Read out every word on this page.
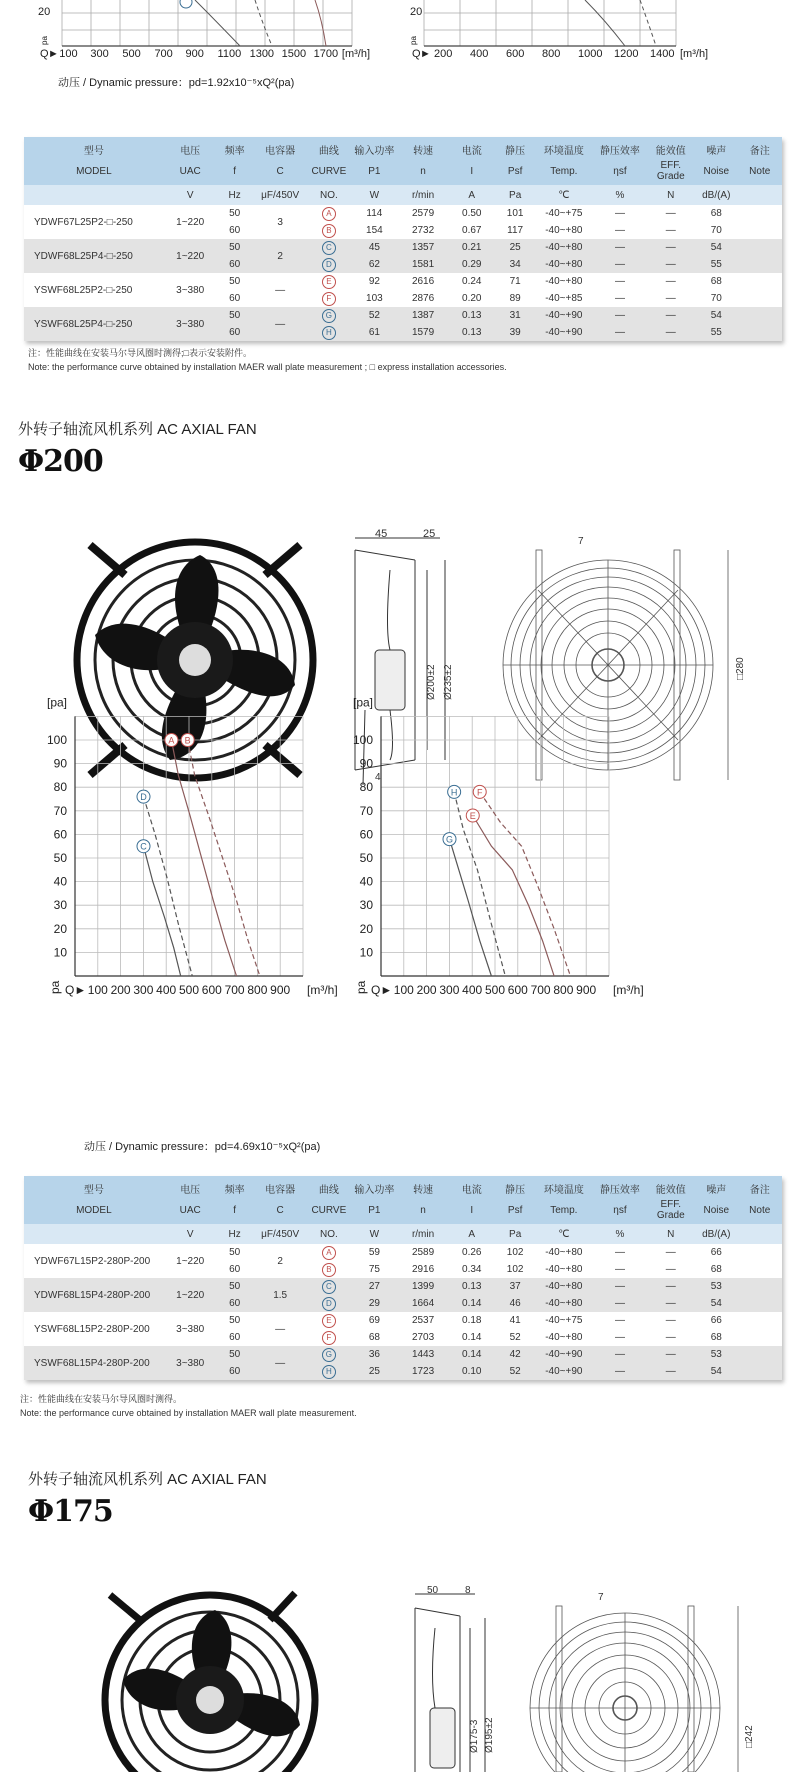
20	20
pa	pa
Q ► 100	300	500	700	900	1100 1300 1500 1700 [m³/h]	Q ► 200	400	600	800	1000	1200	1400 [m³/h]
动压 / Dynamic pressure：pd=1.92x10⁻⁵xQ²(pa)
型号	电压	频率	电容器	曲线	输入功率	转速	电流	静压	环境温度	静压效率	能效值	噪声	备注
MODEL	UAC	f	C	CURVE	P1	n	I	Psf	Temp.	ηsf	EFF. Grade	Noise	Note
	V	Hz	μF/450V	NO.	W	r/min	A	Pa	℃	%	N	dB/(A)	
YDWF67L25P2-□-250	1~220	50	3	A	114	2579	0.50	101	-40~+75	—	—	68	
		60		B	154	2732	0.67	117	-40~+80	—	—	70	
YDWF68L25P4-□-250	1~220	50	2	C	45	1357	0.21	25	-40~+80	—	—	54	
		60		D	62	1581	0.29	34	-40~+80	—	—	55	
YSWF68L25P2-□-250	3~380	50	—	E	92	2616	0.24	71	-40~+80	—	—	68	
		60		F	103	2876	0.20	89	-40~+85	—	—	70	
YSWF68L25P4-□-250	3~380	50	—	G	52	1387	0.13	31	-40~+90	—	—	54	
		60		H	61	1579	0.13	39	-40~+90	—	—	55	
注：性能曲线在安装马尔导风圈时测得;□表示安装附件。
Note: the performance curve obtained by installation MAER wall plate measurement ; □ express installation accessories.
外转子轴流风机系列 AC AXIAL FAN
Φ200
45	25
4
Ø200±2 Ø235±2
7
□280
动压 / Dynamic pressure：pd=4.69x10⁻⁵xQ²(pa)
型号	电压	频率	电容器	曲线	输入功率	转速	电流	静压	环境温度	静压效率	能效值	噪声	备注
MODEL	UAC	f	C	CURVE	P1	n	I	Psf	Temp.	ηsf	EFF. Grade	Noise	Note
	V	Hz	μF/450V	NO.	W	r/min	A	Pa	℃	%	N	dB/(A)	
YDWF67L15P2-280P-200	1~220	50	2	A	59	2589	0.26	102	-40~+80	—	—	66	
		60		B	75	2916	0.34	102	-40~+80	—	—	68	
YDWF68L15P4-280P-200	1~220	50	1.5	C	27	1399	0.13	37	-40~+80	—	—	53	
		60		D	29	1664	0.14	46	-40~+80	—	—	54	
YSWF68L15P2-280P-200	3~380	50	—	E	69	2537	0.18	41	-40~+75	—	—	66	
		60		F	68	2703	0.14	52	-40~+80	—	—	68	
YSWF68L15P4-280P-200	3~380	50	—	G	36	1443	0.14	42	-40~+90	—	—	53	
		60		H	25	1723	0.10	52	-40~+90	—	—	54	
注：性能曲线在安装马尔导风圈时测得。
Note: the performance curve obtained by installation MAER wall plate measurement.
外转子轴流风机系列 AC AXIAL FAN
Φ175
50	8
Ø175-3 Ø195±2
7
□242
100
90
80
70
60
50
40
30
20
10
[pa]
100 200 300 400 500 600 700 800 900
Q►	[m³/h]
pa
A B
C
D
100
90
80
70
60
50
40
30
20
10
[pa]
100 200 300 400 500 600 700 800 900
Q►	[m³/h]
pa
E
F
G
H
